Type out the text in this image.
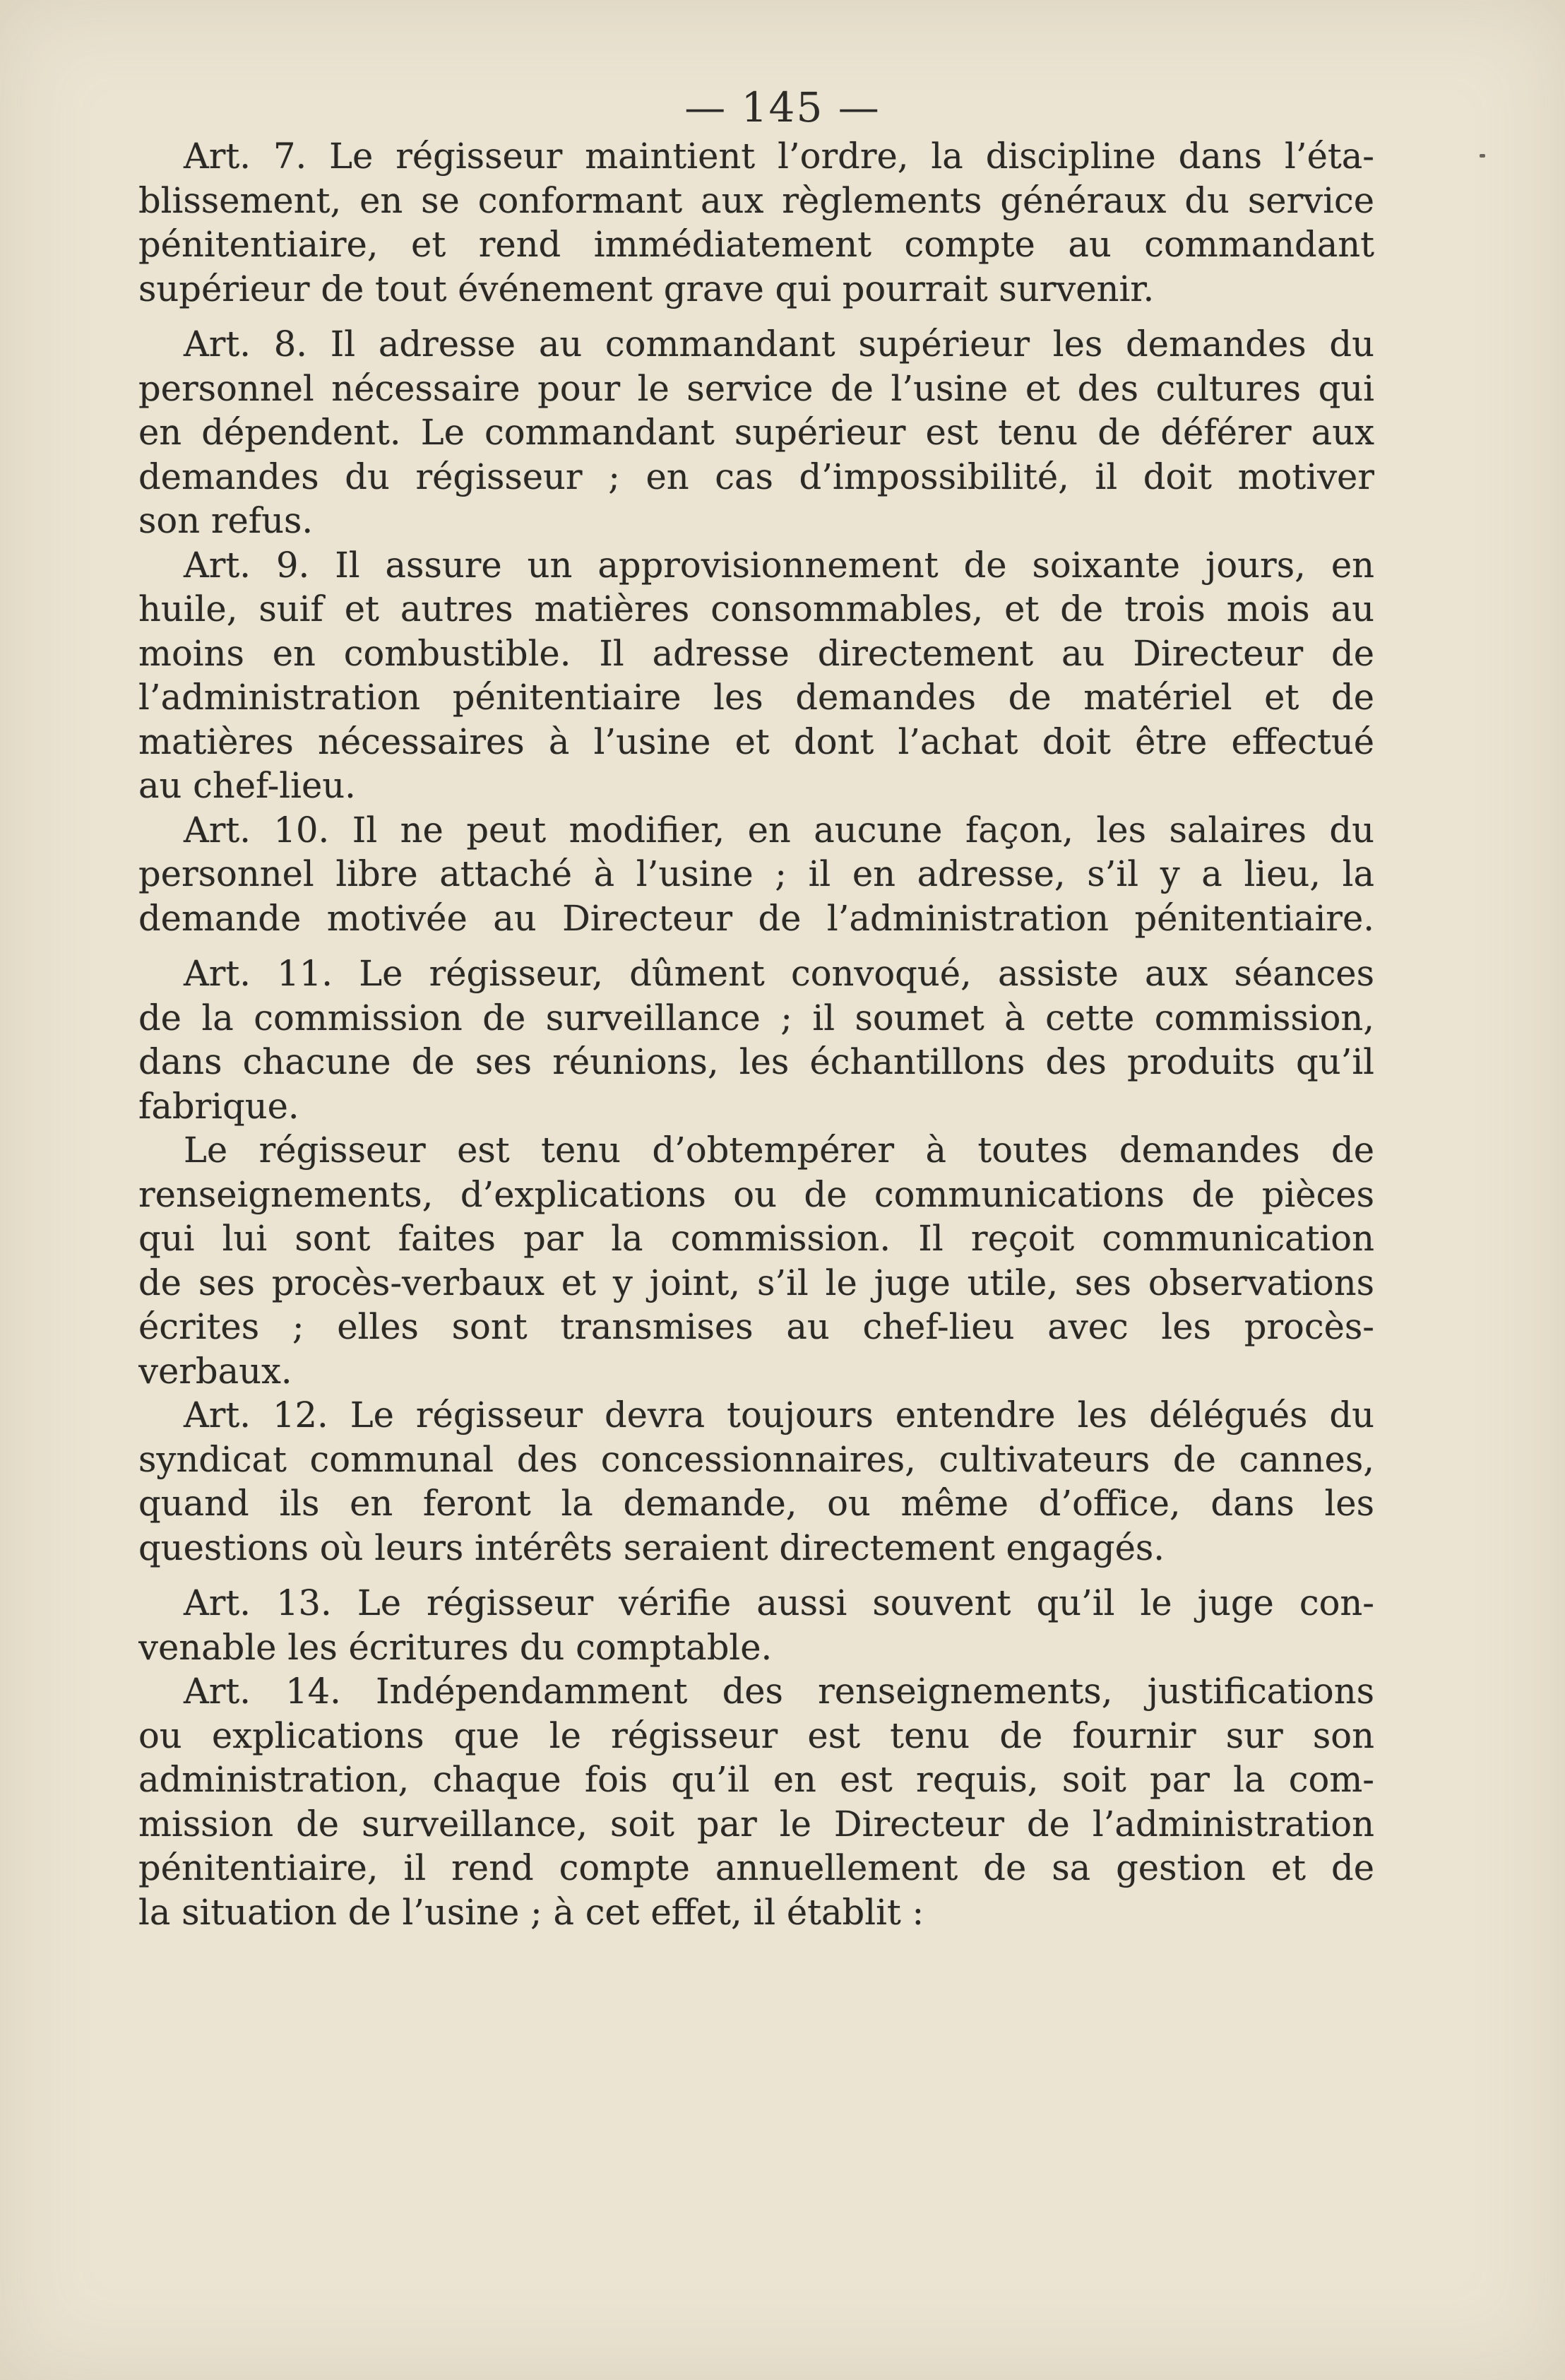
— 145 —
Art. 7. Le régisseur maintient l’ordre, la discipline dans l’éta-
blissement, en se conformant aux règlements généraux du service
pénitentiaire, et rend immédiatement compte au commandant
supérieur de tout événement grave qui pourrait survenir.
Art. 8. Il adresse au commandant supérieur les demandes du
personnel nécessaire pour le service de l’usine et des cultures qui
en dépendent. Le commandant supérieur est tenu de déférer aux
demandes du régisseur ; en cas d’impossibilité, il doit motiver
son refus.
Art. 9. Il assure un approvisionnement de soixante jours, en
huile, suif et autres matières consommables, et de trois mois au
moins en combustible. Il adresse directement au Directeur de
l’administration pénitentiaire les demandes de matériel et de
matières nécessaires à l’usine et dont l’achat doit être effectué
au chef-lieu.
Art. 10. Il ne peut modifier, en aucune façon, les salaires du
personnel libre attaché à l’usine ; il en adresse, s’il y a lieu, la
demande motivée au Directeur de l’administration pénitentiaire.
Art. 11. Le régisseur, dûment convoqué, assiste aux séances
de la commission de surveillance ; il soumet à cette commission,
dans chacune de ses réunions, les échantillons des produits qu’il
fabrique.
Le régisseur est tenu d’obtempérer à toutes demandes de
renseignements, d’explications ou de communications de pièces
qui lui sont faites par la commission. Il reçoit communication
de ses procès-verbaux et y joint, s’il le juge utile, ses observations
écrites ; elles sont transmises au chef-lieu avec les procès-
verbaux.
Art. 12. Le régisseur devra toujours entendre les délégués du
syndicat communal des concessionnaires, cultivateurs de cannes,
quand ils en feront la demande, ou même d’office, dans les
questions où leurs intérêts seraient directement engagés.
Art. 13. Le régisseur vérifie aussi souvent qu’il le juge con-
venable les écritures du comptable.
Art. 14. Indépendamment des renseignements, justifications
ou explications que le régisseur est tenu de fournir sur son
administration, chaque fois qu’il en est requis, soit par la com-
mission de surveillance, soit par le Directeur de l’administration
pénitentiaire, il rend compte annuellement de sa gestion et de
la situation de l’usine ; à cet effet, il établit :
